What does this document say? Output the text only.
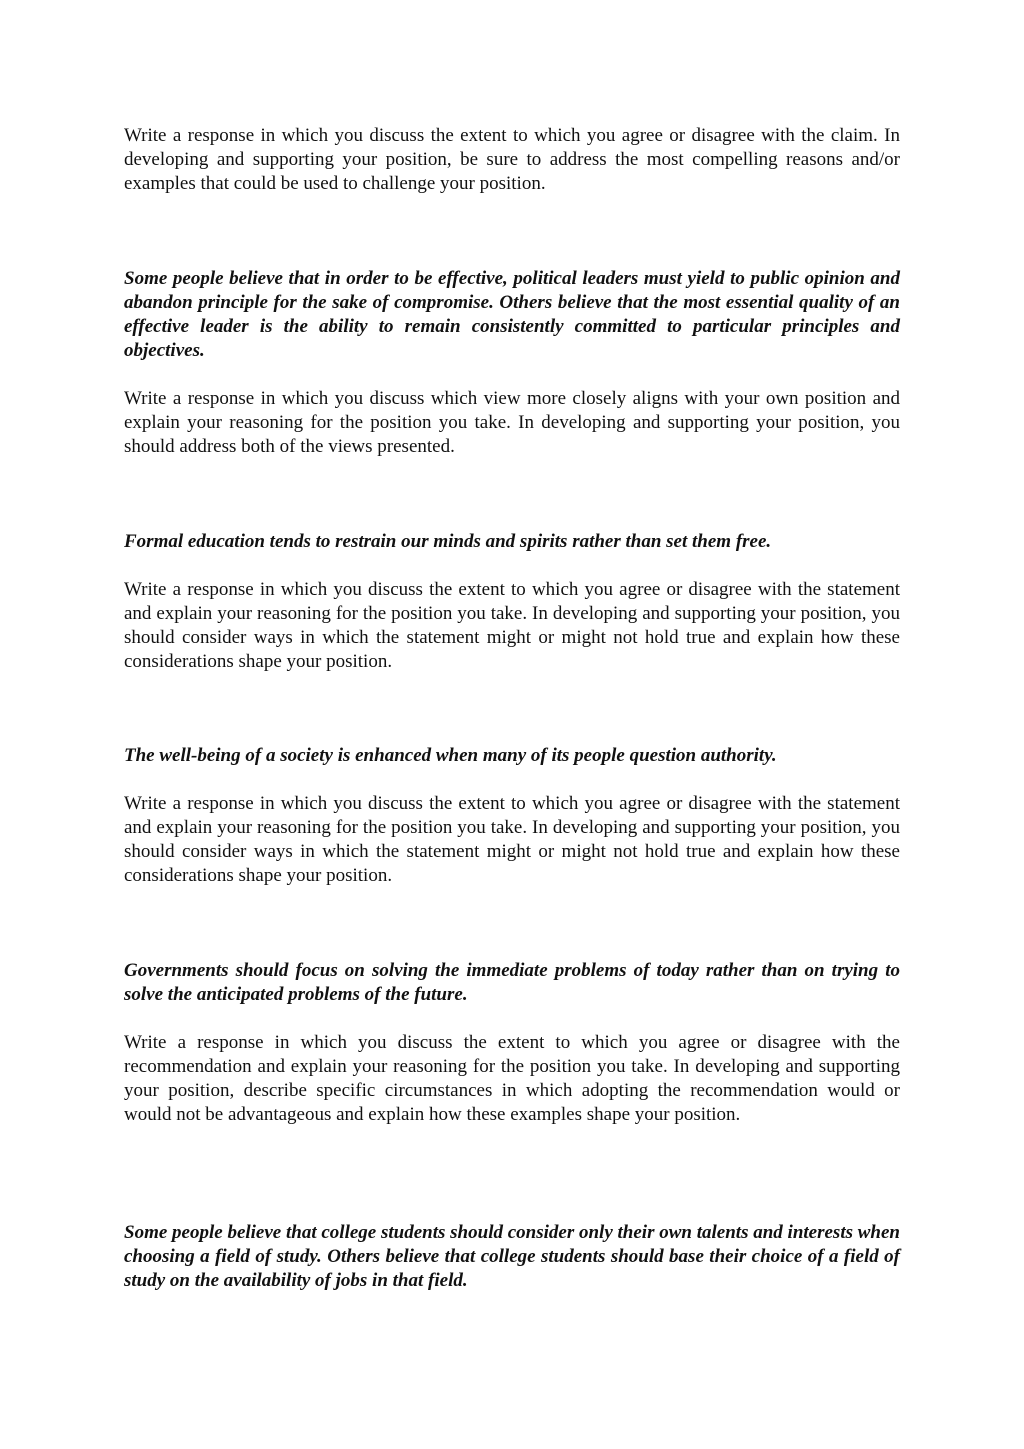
Write a response in which you discuss the extent to which you agree or disagree with the claim. In developing and supporting your position, be sure to address the most compelling reasons and/or examples that could be used to challenge your position.

Some people believe that in order to be effective, political leaders must yield to public opinion and abandon principle for the sake of compromise. Others believe that the most essential quality of an effective leader is the ability to remain consistently committed to particular principles and objectives.

Write a response in which you discuss which view more closely aligns with your own position and explain your reasoning for the position you take. In developing and supporting your position, you should address both of the views presented.

Formal education tends to restrain our minds and spirits rather than set them free.

Write a response in which you discuss the extent to which you agree or disagree with the statement and explain your reasoning for the position you take. In developing and supporting your position, you should consider ways in which the statement might or might not hold true and explain how these considerations shape your position.

The well-being of a society is enhanced when many of its people question authority.

Write a response in which you discuss the extent to which you agree or disagree with the statement and explain your reasoning for the position you take. In developing and supporting your position, you should consider ways in which the statement might or might not hold true and explain how these considerations shape your position.

Governments should focus on solving the immediate problems of today rather than on trying to solve the anticipated problems of the future.

Write a response in which you discuss the extent to which you agree or disagree with the recommendation and explain your reasoning for the position you take. In developing and supporting your position, describe specific circumstances in which adopting the recommendation would or would not be advantageous and explain how these examples shape your position.

Some people believe that college students should consider only their own talents and interests when choosing a field of study. Others believe that college students should base their choice of a field of study on the availability of jobs in that field.
